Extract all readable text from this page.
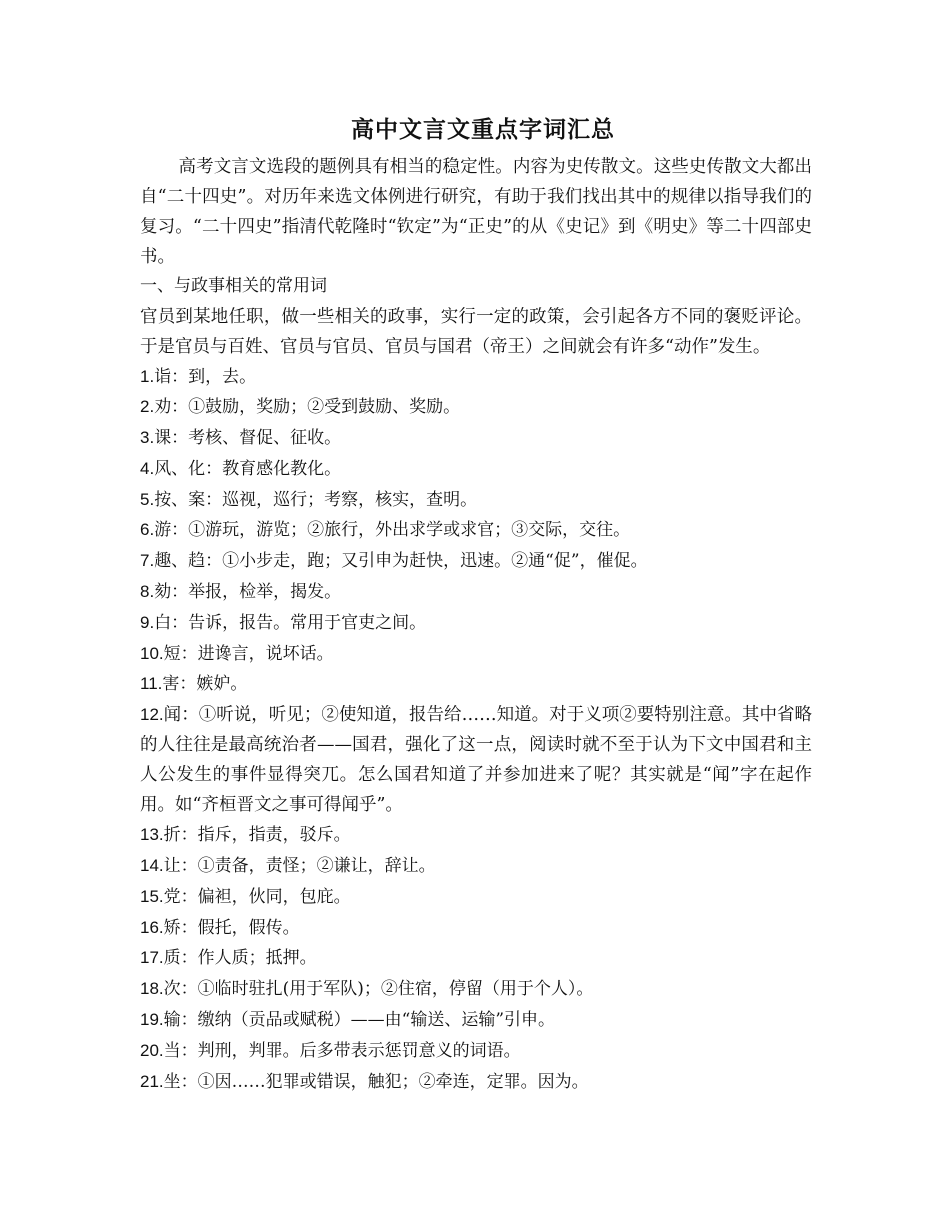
高中文言文重点字词汇总

高考文言文选段的题例具有相当的稳定性。内容为史传散文。这些史传散文大都出自“二十四史”。对历年来选文体例进行研究，有助于我们找出其中的规律以指导我们的复习。“二十四史”指清代乾隆时“钦定”为“正史”的从《史记》到《明史》等二十四部史书。

一、与政事相关的常用词

官员到某地任职，做一些相关的政事，实行一定的政策，会引起各方不同的褒贬评论。于是官员与百姓、官员与官员、官员与国君（帝王）之间就会有许多“动作”发生。

1.诣：到，去。

2.劝：①鼓励，奖励；②受到鼓励、奖励。

3.课：考核、督促、征收。

4.风、化：教育感化教化。

5.按、案：巡视，巡行；考察，核实，查明。

6.游：①游玩，游览；②旅行，外出求学或求官；③交际，交往。

7.趣、趋：①小步走，跑；又引申为赶快，迅速。②通“促”，催促。

8.劾：举报，检举，揭发。

9.白：告诉，报告。常用于官吏之间。

10.短：进谗言，说坏话。

11.害：嫉妒。

12.闻：①听说，听见；②使知道，报告给……知道。对于义项②要特别注意。其中省略的人往往是最高统治者——国君，强化了这一点，阅读时就不至于认为下文中国君和主人公发生的事件显得突兀。怎么国君知道了并参加进来了呢？其实就是“闻”字在起作用。如“齐桓晋文之事可得闻乎”。

13.折：指斥，指责，驳斥。

14.让：①责备，责怪；②谦让，辞让。

15.党：偏袒，伙同，包庇。

16.矫：假托，假传。

17.质：作人质；抵押。

18.次：①临时驻扎(用于军队)；②住宿，停留（用于个人）。

19.输：缴纳（贡品或赋税）——由“输送、运输”引申。

20.当：判刑，判罪。后多带表示惩罚意义的词语。

21.坐：①因……犯罪或错误，触犯；②牵连，定罪。因为。
